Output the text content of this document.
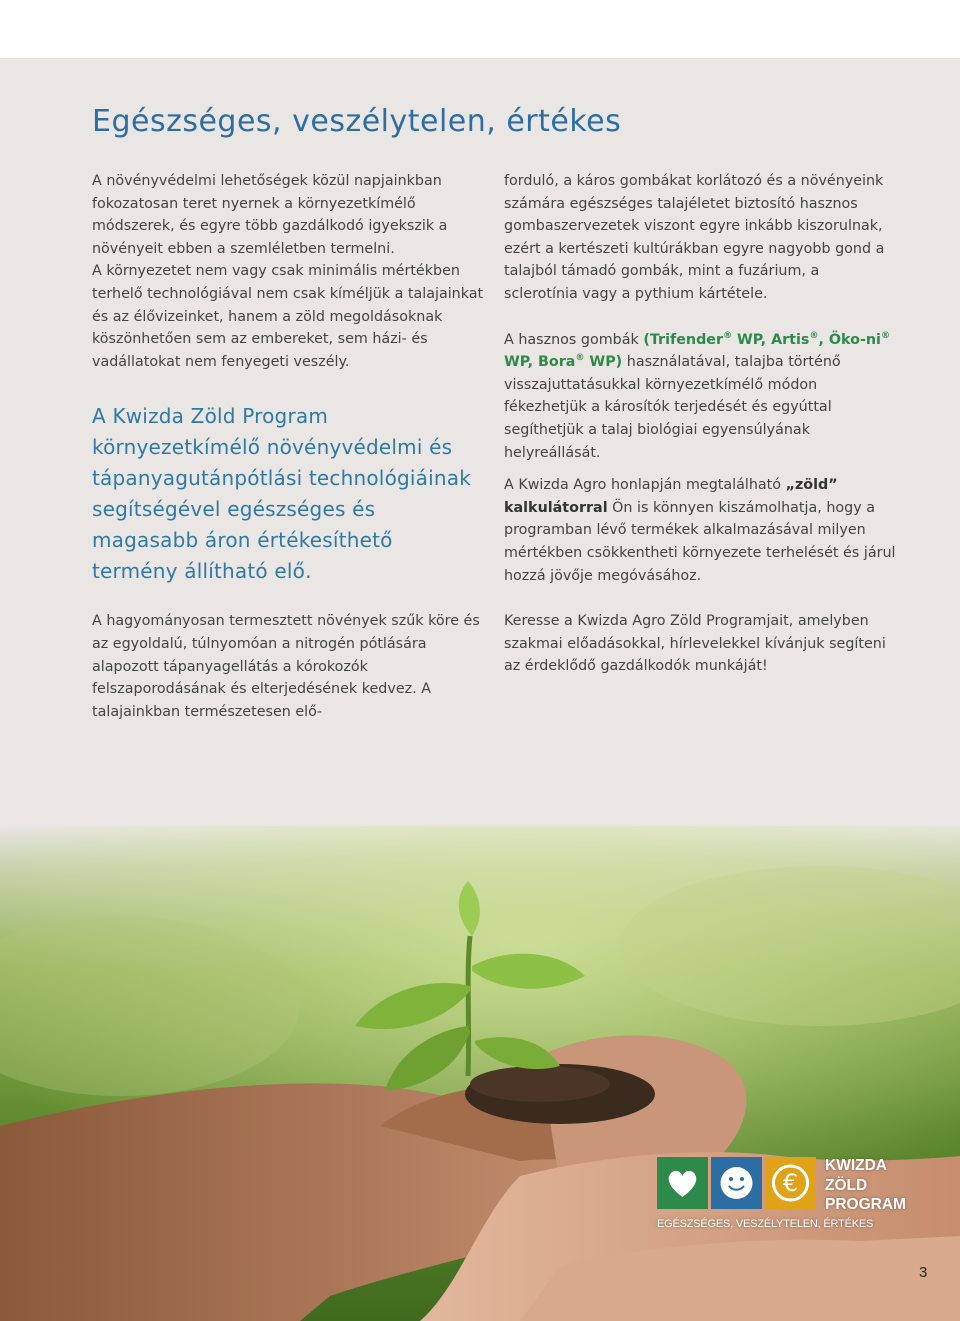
Egészséges, veszélytelen, értékes

A növényvédelmi lehetőségek közül napjainkban fokozatosan teret nyernek a környezetkímélő módszerek, és egyre több gazdálkodó igyekszik a növényeit ebben a szemléletben termelni.

A környezetet nem vagy csak minimális mértékben terhelő technológiával nem csak kíméljük a talajainkat és az élővizeinket, hanem a zöld megoldásoknak köszönhetően sem az embereket, sem házi- és vadállatokat nem fenyegeti veszély.

A Kwizda Zöld Program környezetkímélő növényvédelmi és tápanyagutánpótlási technológiáinak segítségével egészséges és magasabb áron értékesíthető termény állítható elő.

A hagyományosan termesztett növények szűk köre és az egyoldalú, túlnyomóan a nitrogén pótlására alapozott tápanyagellátás a kórokozók felszaporodásának és elterjedésének kedvez. A talajainkban természetesen elő-

forduló, a káros gombákat korlátozó és a növényeink számára egészséges talajéletet biztosító hasznos gombaszervezetek viszont egyre inkább kiszorulnak, ezért a kertészeti kultúrákban egyre nagyobb gond a talajból támadó gombák, mint a fuzárium, a sclerotínia vagy a pythium kártétele.

A hasznos gombák (Trifender® WP, Artis®, Öko-ni® WP, Bora® WP) használatával, talajba történő visszajuttatásukkal környezetkímélő módon fékezhetjük a károsítók terjedését és egyúttal segíthetjük a talaj biológiai egyensúlyának helyreállását.

A Kwizda Agro honlapján megtalálható „zöld” kalkulátorral Ön is könnyen kiszámolhatja, hogy a programban lévő termékek alkalmazásával milyen mértékben csökkentheti környezete terhelését és járul hozzá jövője megóvásához.

Keresse a Kwizda Agro Zöld Programjait, amelyben szakmai előadásokkal, hírlevelekkel kívánjuk segíteni az érdeklődő gazdálkodók munkáját!

€
KWIZDA
ZÖLD
PROGRAM
EGÉSZSÉGES, VESZÉLYTELEN, ÉRTÉKES
3
